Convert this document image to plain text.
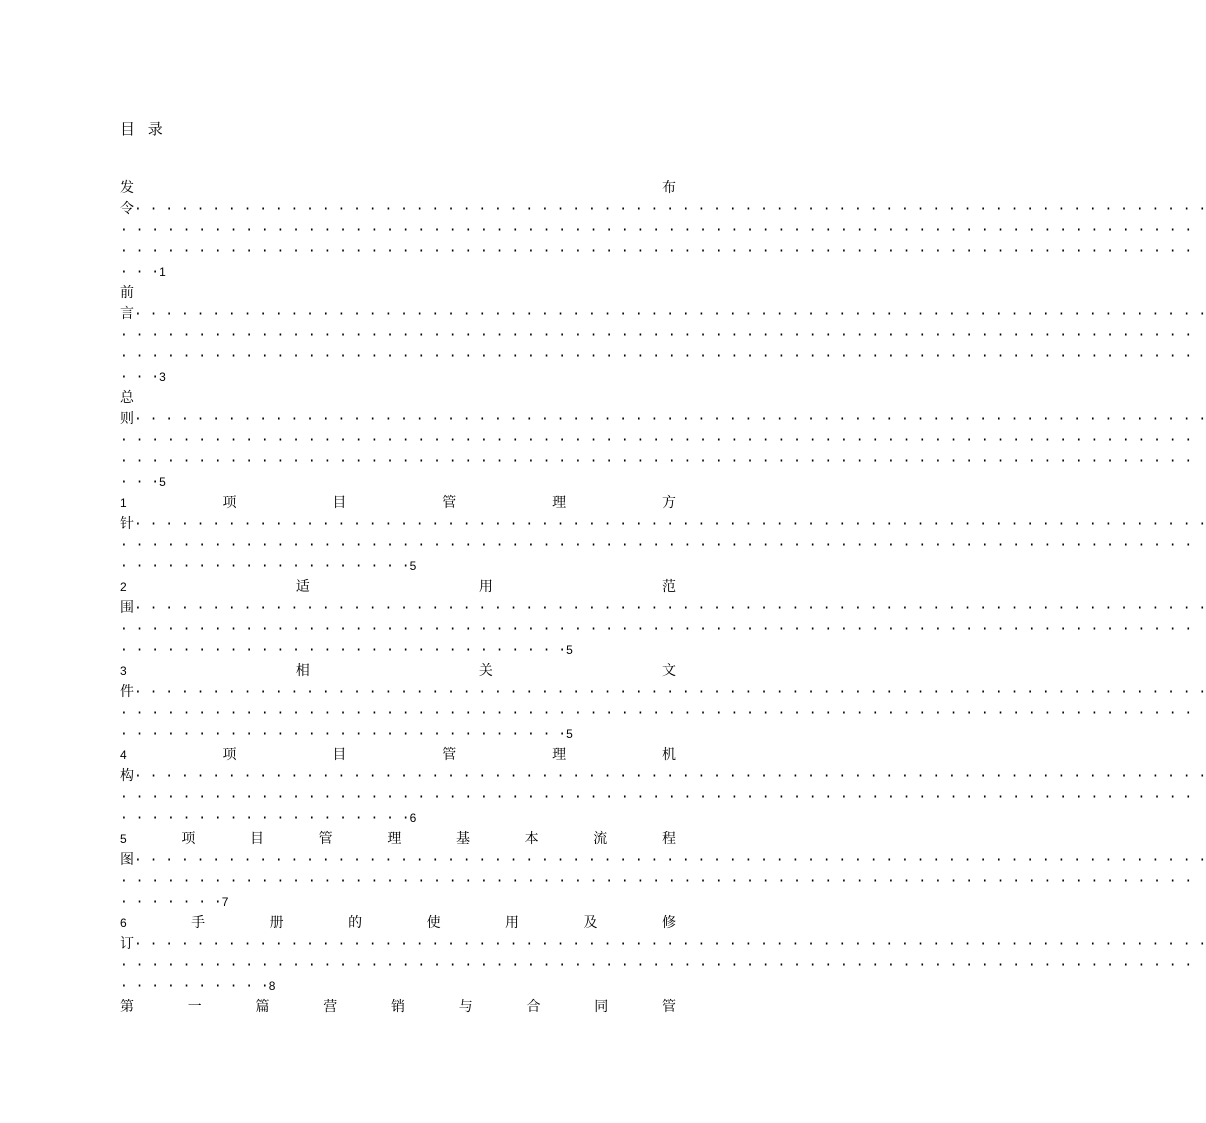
目 录
发	布
令 · · · · · · · · · · · · · · · · · · · · · · · · · · · · · · · · · · · · · · · · · · · · · · · · · · · · · · · · · · · · · · · · · · · · ·
· · · · · · · · · · · · · · · · · · · · · · · · · · · · · · · · · · · · · · · · · · · · · · · · · · · · · · · · · · · · · · · · · · · · ·
· · · · · · · · · · · · · · · · · · · · · · · · · · · · · · · · · · · · · · · · · · · · · · · · · · · · · · · · · · · · · · · · · · · · ·
· · ·1
前
言 · · · · · · · · · · · · · · · · · · · · · · · · · · · · · · · · · · · · · · · · · · · · · · · · · · · · · · · · · · · · · · · · · · · · ·
· · · · · · · · · · · · · · · · · · · · · · · · · · · · · · · · · · · · · · · · · · · · · · · · · · · · · · · · · · · · · · · · · · · · ·
· · · · · · · · · · · · · · · · · · · · · · · · · · · · · · · · · · · · · · · · · · · · · · · · · · · · · · · · · · · · · · · · · · · · ·
· · ·3
总
则 · · · · · · · · · · · · · · · · · · · · · · · · · · · · · · · · · · · · · · · · · · · · · · · · · · · · · · · · · · · · · · · · · · · · ·
· · · · · · · · · · · · · · · · · · · · · · · · · · · · · · · · · · · · · · · · · · · · · · · · · · · · · · · · · · · · · · · · · · · · ·
· · · · · · · · · · · · · · · · · · · · · · · · · · · · · · · · · · · · · · · · · · · · · · · · · · · · · · · · · · · · · · · · · · · · ·
· · ·5
1	项	目	管	理	方
针 · · · · · · · · · · · · · · · · · · · · · · · · · · · · · · · · · · · · · · · · · · · · · · · · · · · · · · · · · · · · · · · · · · · · ·
· · · · · · · · · · · · · · · · · · · · · · · · · · · · · · · · · · · · · · · · · · · · · · · · · · · · · · · · · · · · · · · · · · · · ·
· · · · · · · · · · · · · · · · · · ·5
2	适	用	范
围 · · · · · · · · · · · · · · · · · · · · · · · · · · · · · · · · · · · · · · · · · · · · · · · · · · · · · · · · · · · · · · · · · · · · ·
· · · · · · · · · · · · · · · · · · · · · · · · · · · · · · · · · · · · · · · · · · · · · · · · · · · · · · · · · · · · · · · · · · · · ·
· · · · · · · · · · · · · · · · · · · · · · · · · · · · ·5
3	相	关	文
件 · · · · · · · · · · · · · · · · · · · · · · · · · · · · · · · · · · · · · · · · · · · · · · · · · · · · · · · · · · · · · · · · · · · · ·
· · · · · · · · · · · · · · · · · · · · · · · · · · · · · · · · · · · · · · · · · · · · · · · · · · · · · · · · · · · · · · · · · · · · ·
· · · · · · · · · · · · · · · · · · · · · · · · · · · · ·5
4	项	目	管	理	机
构 · · · · · · · · · · · · · · · · · · · · · · · · · · · · · · · · · · · · · · · · · · · · · · · · · · · · · · · · · · · · · · · · · · · · ·
· · · · · · · · · · · · · · · · · · · · · · · · · · · · · · · · · · · · · · · · · · · · · · · · · · · · · · · · · · · · · · · · · · · · ·
· · · · · · · · · · · · · · · · · · ·6
5	项	目	管	理	基	本	流	程
图 · · · · · · · · · · · · · · · · · · · · · · · · · · · · · · · · · · · · · · · · · · · · · · · · · · · · · · · · · · · · · · · · · · · · ·
· · · · · · · · · · · · · · · · · · · · · · · · · · · · · · · · · · · · · · · · · · · · · · · · · · · · · · · · · · · · · · · · · · · · ·
· · · · · · ·7
6	手	册	的	使	用	及	修
订 · · · · · · · · · · · · · · · · · · · · · · · · · · · · · · · · · · · · · · · · · · · · · · · · · · · · · · · · · · · · · · · · · · · · ·
· · · · · · · · · · · · · · · · · · · · · · · · · · · · · · · · · · · · · · · · · · · · · · · · · · · · · · · · · · · · · · · · · · · · ·
· · · · · · · · · ·8
第	一	篇	营	销	与	合	同	管
